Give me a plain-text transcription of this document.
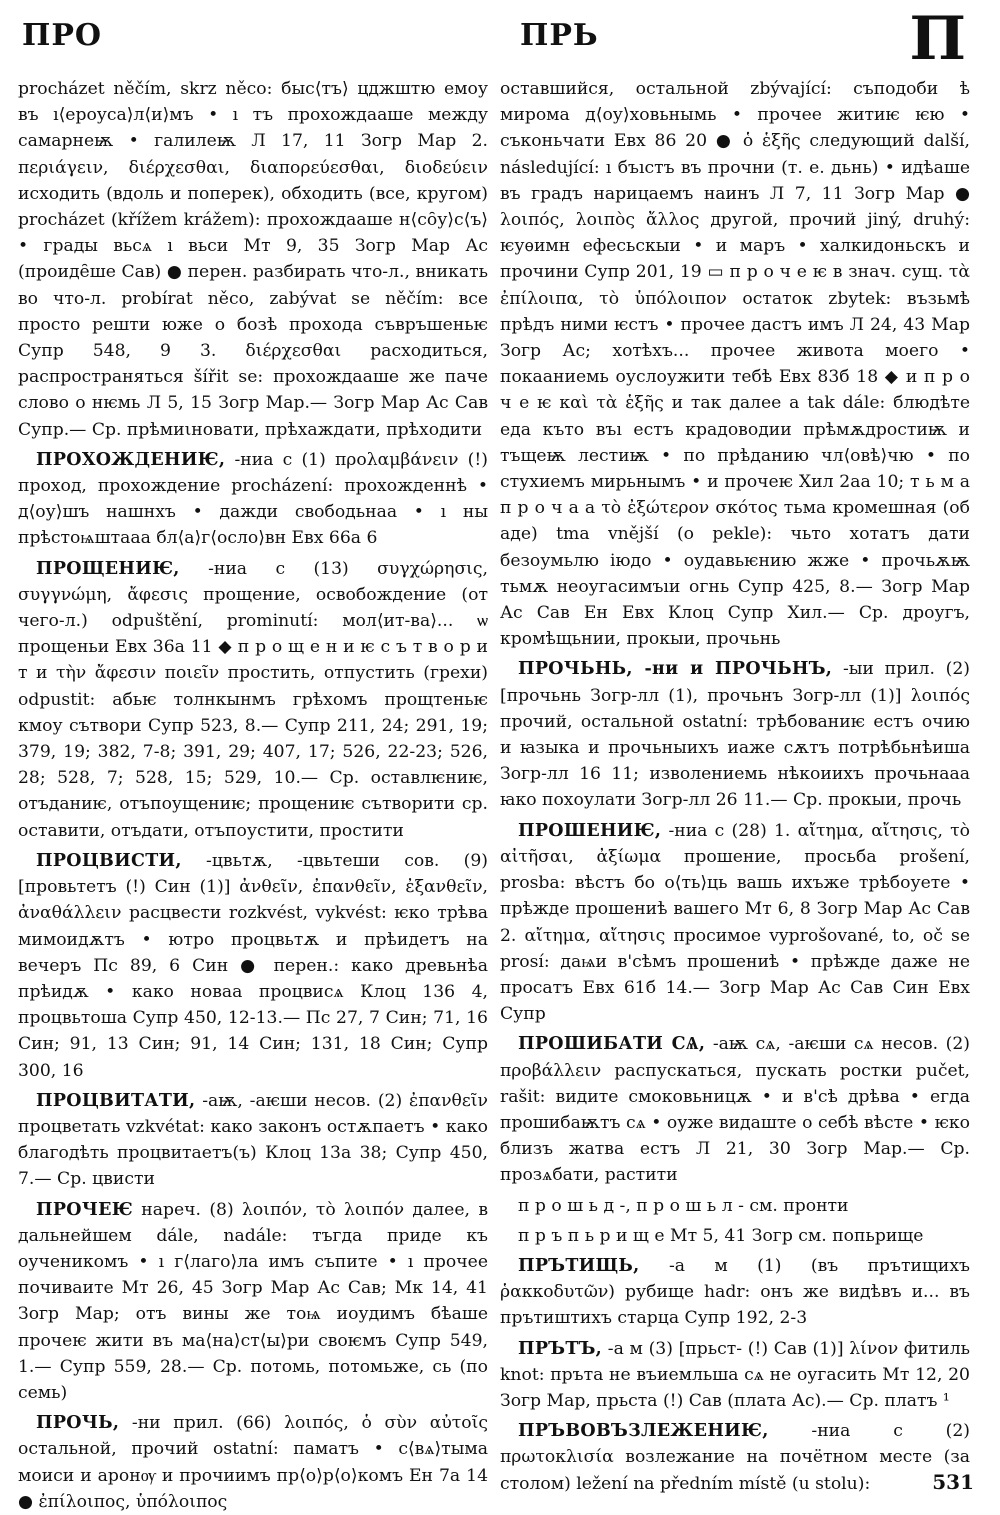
ПРО	ПРЬ	П

procházet něčím, skrz něco: быс⟨тъ⟩ цджштю емоу въ ı⟨ероуса⟩л⟨и⟩мъ • ı тъ прохождааше между самарнеѭ • галилеѭ Л 17, 11 Зогр Мар 2. περιάγειν, διέρχεσθαι, διαπορεύεσθαι, διοδεύειν исходить (вдоль и поперек), обходить (все, кругом) procházet (křížem krážem): прохождааше н⟨со̑у⟩с⟨ъ⟩ • грады вьсѧ ı вьси Мт 9, 35 Зогр Мар Ас (проиде̑ше Сав) ● перен. разбирать что-л., вникать во что-л. probírat něco, zabývat se něčím: все просто решти юже о бозѣ прохода съвръшеньѥ Супр 548, 9 3. διέρχεσθαι расходиться, распространяться šířit se: прохождааше же паче слово о нѥмь Л 5, 15 Зогр Мар.— Зогр Мар Ас Сав Супр.— Ср. прѣмиιновати, прѣхаждати, прѣходити

ПРОХОЖДЕНИѤ, -ниа с (1) προλαμβάνειν (!) проход, прохождение procházení: прохожденнѣ • д⟨оу⟩шъ нашнхъ • дажди свободьнаа • ı ны прѣстоѩштааа бл⟨а⟩г⟨осло⟩вн Евх 66а 6

ПРОЩЕНИѤ, -ниа с (13) συγχώρησις, συγγνώμη, ἄφεσις прощение, освобождение (от чего-л.) odpuštění, prominutí: мол⟨ит-ва⟩... ѡ прощеньи Евх 36а 11 ◆ п р о щ е н и ѥ с ъ т в о р и т и τὴν ἄφεσιν ποιεῖν простить, отпустить (грехи) odpustit: абьѥ толнкынмъ грѣхомъ прощтеньѥ кмоу сътвори Супр 523, 8.— Супр 211, 24; 291, 19; 379, 19; 382, 7-8; 391, 29; 407, 17; 526, 22-23; 526, 28; 528, 7; 528, 15; 529, 10.— Ср. оставлѥниѥ, отъданиѥ, отъпоущениѥ; прощениѥ сътворити ср. оставити, отъдати, отъпоустити, простити

ПРОЦВИСТИ, -цвьтѫ, -цвьтеши сов. (9) [провьтетъ (!) Син (1)] ἀνθεῖν, ἐπανθεῖν, ἐξανθεῖν, ἀναθάλλειν расцвести rozkvést, vykvést: ѥко трѣва мимоидѫтъ • ютро процвьтѫ и прѣидетъ на вечеръ Пс 89, 6 Син ● перен.: како древьнѣа прѣидѫ • како новаа процвисѧ Клоц 136 4, процвьтоша Супр 450, 12-13.— Пс 27, 7 Син; 71, 16 Син; 91, 13 Син; 91, 14 Син; 131, 18 Син; Супр 300, 16

ПРОЦВИТАТИ, -аѭ, -аѥши несов. (2) ἐπανθεῖν процветать vzkvétat: како законъ остѫпаетъ • како благодѣть процвитаетъ(ъ) Клоц 13а 38; Супр 450, 7.— Ср. цвисти

ПРОЧЕѤ нареч. (8) λοιπόν, τὸ λοιπόν далее, в дальнейшем dále, nadále: тъгда приде къ оученикомъ • ı г⟨лаго⟩ла имъ съпите • ı прочее почиваите Мт 26, 45 Зогр Мар Ас Сав; Мк 14, 41 Зогр Мар; отъ вины же тоѩ иоудимъ бѣаше прочеѥ жити въ ма⟨на⟩ст⟨ы⟩ри своѥмъ Супр 549, 1.— Супр 559, 28.— Ср. потомь, потомьже, сь (по семь)

ПРОЧЬ, -ни прил. (66) λοιπός, ὁ σὺν αὐτοῖς остальной, прочий ostatní: паматъ • с⟨вѧ⟩тыма моиси и аронѹ и прочиимъ пр⟨о⟩р⟨о⟩комъ Ен 7а 14 ● ἐπίλοιπος, ὑπόλοιπος

оставшийся, остальной zbývající: съподоби ѣ мирома д⟨оу⟩ховьнымь • прочее житиѥ ѥю • съконьчати Евх 86 20 ● ὁ ἑξῆς следующий další, následující: ı бъıстъ въ прочни (т. е. дьнь) • идѣаше въ градъ нарицаемъ наинъ Л 7, 11 Зогр Мар ● λοιπός, λοιπὸς ἄλλος другой, прочий jiný, druhý: ѥуѳимн ефесьскыи • и маръ • халкидоньскъ и прочини Супр 201, 19 ▭ п р о ч е ѥ в знач. сущ. τὰ ἐπίλοιπα, τὸ ὑπόλοιπον остаток zbytek: възьмѣ прѣдъ ними ѥстъ • прочее дастъ имъ Л 24, 43 Мар Зогр Ас; хотѣхъ... прочее живота моего • покааниемь оуслоужити тебѣ Евх 83б 18 ◆ и п р о ч е ѥ καὶ τὰ ἑξῆς и так далее a tak dále: блюдѣте еда къто въı естъ крадоводии прѣмѫдростиѭ и тъщеѭ лестиѭ • по прѣданию чл⟨овѣ⟩чю • по стухиемъ мирьнымъ • и прочеѥ Хил 2аа 10; т ь м а п р о ч а а τὸ ἐξώτερον σκότος тьма кромешная (об аде) tma vnější (o pekle): чьто хотатъ дати безоумьлю іюдо • оудавьѥнию жже • прочьѫѭ тьмѫ неоугасимъıи огнь Супр 425, 8.— Зогр Мар Ас Сав Ен Евх Клоц Супр Хил.— Ср. дроугъ, кромѣщьнии, прокыи, прочьнь

ПРОЧЬНЬ, -ни и ПРОЧЬНЪ, -ыи прил. (2) [прочьнь Зогр-лл (1), прочьнъ Зогр-лл (1)] λοιπός прочий, остальной ostatní: трѣбованиѥ естъ очию и ꙗзыка и прочьныихъ иаже сѫтъ потрѣбьнѣиша Зогр-лл 16 11; изволениемь нѣкоиихъ прочьнааа ꙗко похоулати Зогр-лл 26 11.— Ср. прокыи, прочь

ПРОШЕНИѤ, -ниа с (28) 1. αἴτημα, αἴτησις, τὸ αἰτῆσαι, ἀξίωμα прошение, просьба prošení, prosba: вѣстъ бо о⟨ть⟩ць вашь ихъже трѣбоуете • прѣжде прошениѣ вашего Мт 6, 8 Зогр Мар Ас Сав 2. αἴτημα, αἴτησις просимое vyprošované, to, oč se prosí: даѩи в'сѣмъ прошениѣ • прѣжде даже не просатъ Евх 61б 14.— Зогр Мар Ас Сав Син Евх Супр

ПРОШИБАТИ СѦ, -аѭ сѧ, -аѥши сѧ несов. (2) προβάλλειν распускаться, пускать ростки pučet, rašit: видите смоковьницѫ • и в'сѣ дрѣва • егда прошибаѭтъ сѧ • оуже видаште о себѣ вѣсте • ѥко близъ жатва естъ Л 21, 30 Зогр Мар.— Ср. прозѧбати, растити

п р о ш ь д -, п р о ш ь л - см. пронти

п р ъ п ь р и щ е Мт 5, 41 Зогр см. попьрище

ПРЪТИЩЬ, -а м (1) (въ прътищихъ ῥακκοδυτῶν) рубище hadr: онъ же видѣвъ и... въ прътиштихъ старца Супр 192, 2-3

ПРЪТЪ, -а м (3) [прьст- (!) Сав (1)] λίνον фитиль knot: пръта не въиемльша сѧ не оугасить Мт 12, 20 Зогр Мар, прьста (!) Сав (плата Ас).— Ср. платъ ¹

ПРЪВОВЪЗЛЕЖЕНИѤ, -ниа с (2) πρωτοκλισία возлежание на почётном месте (за столом) ležení na předním místě (u stolu):	531
